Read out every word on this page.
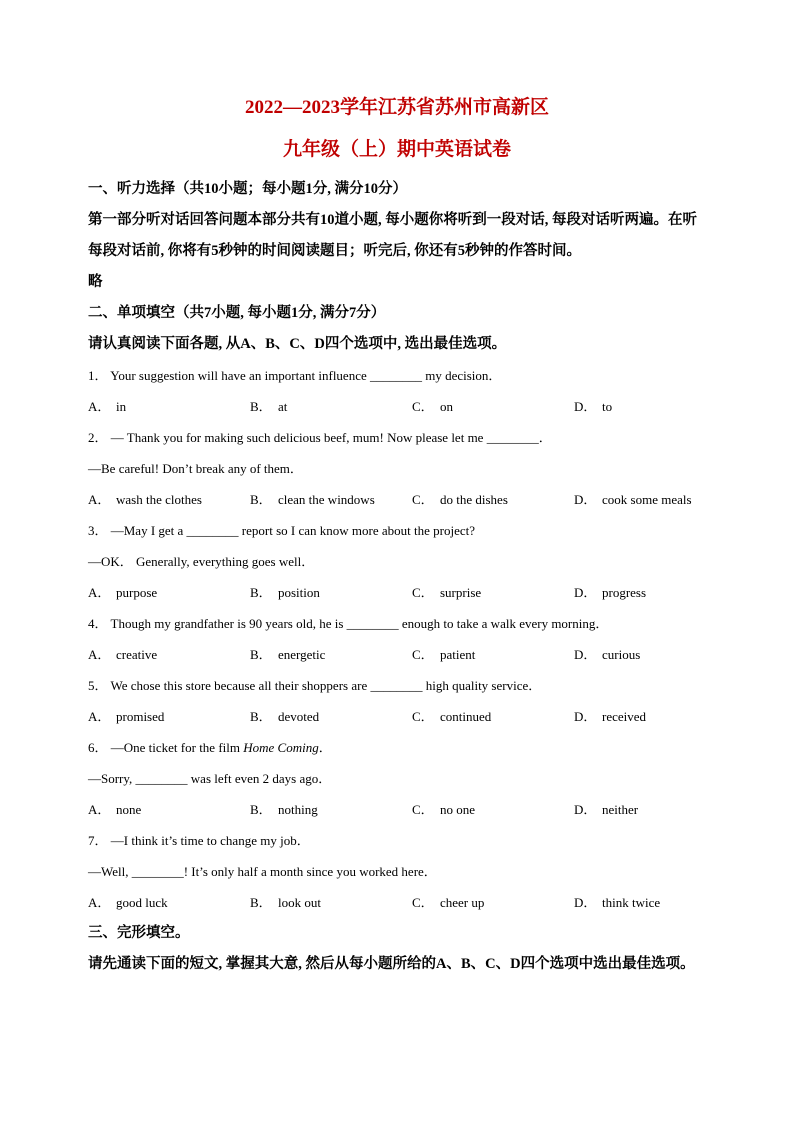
2022—2023学年江苏省苏州市高新区
九年级（上）期中英语试卷
一、听力选择（共10小题；每小题1分, 满分10分）
第一部分听对话回答问题本部分共有10道小题, 每小题你将听到一段对话, 每段对话听两遍。在听每段对话前, 你将有5秒钟的时间阅读题目；听完后, 你还有5秒钟的作答时间。
略
二、单项填空（共7小题, 每小题1分, 满分7分）
请认真阅读下面各题, 从A、B、C、D四个选项中, 选出最佳选项。
1． Your suggestion will have an important influence ________ my decision．
A． in	B． at	C． on	D． to
2． — Thank you for making such delicious beef, mum! Now please let me ________．
—Be careful! Don’t break any of them．
A． wash the clothes	B． clean the windows	C． do the dishes	D． cook some meals
3． —May I get a ________ report so I can know more about the project?
—OK． Generally, everything goes well．
A． purpose	B． position	C． surprise	D． progress
4． Though my grandfather is 90 years old, he is ________ enough to take a walk every morning．
A． creative	B． energetic	C． patient	D． curious
5． We chose this store because all their shoppers are ________ high quality service．
A． promised	B． devoted	C． continued	D． received
6． —One ticket for the film Home Coming．
—Sorry, ________ was left even 2 days ago．
A． none	B． nothing	C． no one	D． neither
7． —I think it’s time to change my job．
—Well, ________! It’s only half a month since you worked here．
A． good luck	B． look out	C． cheer up	D． think twice
三、完形填空。
请先通读下面的短文, 掌握其大意, 然后从每小题所给的A、B、C、D四个选项中选出最佳选项。
